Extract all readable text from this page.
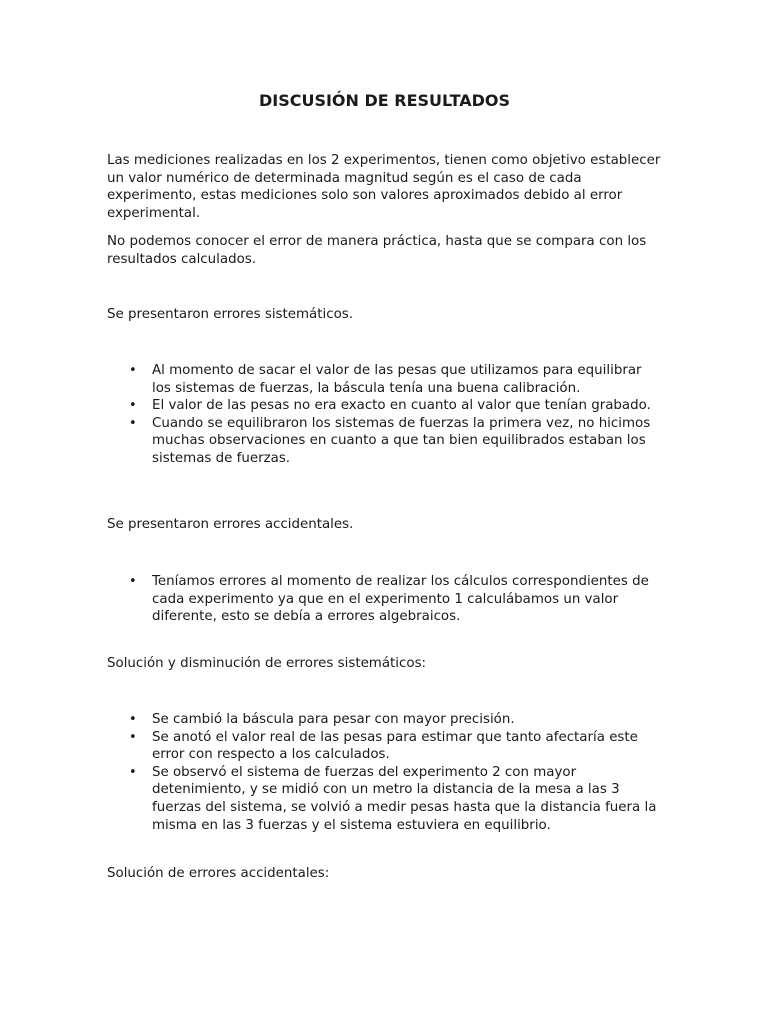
DISCUSIÓN DE RESULTADOS

Las mediciones realizadas en los 2 experimentos, tienen como objetivo establecer un valor numérico de determinada magnitud según es el caso de cada experimento, estas mediciones solo son valores aproximados debido al error experimental.

No podemos conocer el error de manera práctica, hasta que se compara con los resultados calculados.

Se presentaron errores sistemáticos.

• Al momento de sacar el valor de las pesas que utilizamos para equilibrar los sistemas de fuerzas, la báscula tenía una buena calibración.
• El valor de las pesas no era exacto en cuanto al valor que tenían grabado.
• Cuando se equilibraron los sistemas de fuerzas la primera vez, no hicimos muchas observaciones en cuanto a que tan bien equilibrados estaban los sistemas de fuerzas.

Se presentaron errores accidentales.

• Teníamos errores al momento de realizar los cálculos correspondientes de cada experimento ya que en el experimento 1 calculábamos un valor diferente, esto se debía a errores algebraicos.

Solución y disminución de errores sistemáticos:

• Se cambió la báscula para pesar con mayor precisión.
• Se anotó el valor real de las pesas para estimar que tanto afectaría este error con respecto a los calculados.
• Se observó el sistema de fuerzas del experimento 2 con mayor detenimiento, y se midió con un metro la distancia de la mesa a las 3 fuerzas del sistema, se volvió a medir pesas hasta que la distancia fuera la misma en las 3 fuerzas y el sistema estuviera en equilibrio.

Solución de errores accidentales:
